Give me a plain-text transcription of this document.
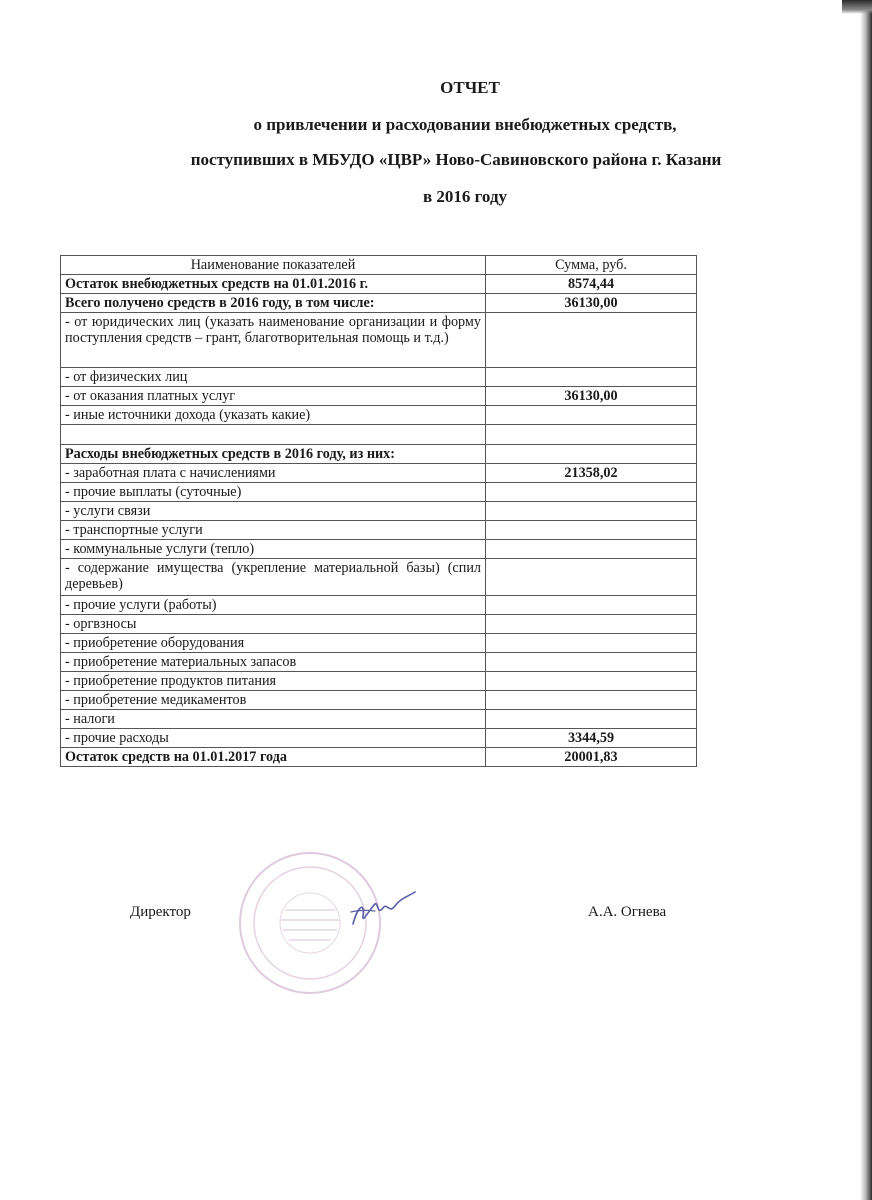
ОТЧЕТ
о привлечении и расходовании внебюджетных средств,
поступивших в МБУДО «ЦВР» Ново-Савиновского района г. Казани
в 2016 году
Наименование показателей	Сумма, руб.
Остаток внебюджетных средств на 01.01.2016 г.	8574,44
Всего получено средств в 2016 году, в том числе:	36130,00
- от юридических лиц (указать наименование организации и форму поступления средств – грант, благотворительная помощь и т.д.)	
- от физических лиц	
- от оказания платных услуг	36130,00
- иные источники дохода (указать какие)	

Расходы внебюджетных средств в 2016 году, из них:	
- заработная плата с начислениями	21358,02
- прочие выплаты (суточные)	
- услуги связи	
- транспортные услуги	
- коммунальные услуги (тепло)	
- содержание имущества (укрепление материальной базы) (спил деревьев)	
- прочие услуги (работы)	
- оргвзносы	
- приобретение оборудования	
- приобретение материальных запасов	
- приобретение продуктов питания	
- приобретение медикаментов	
- налоги	
- прочие расходы	3344,59
Остаток средств на 01.01.2017 года	20001,83
Директор	А.А. Огнева
